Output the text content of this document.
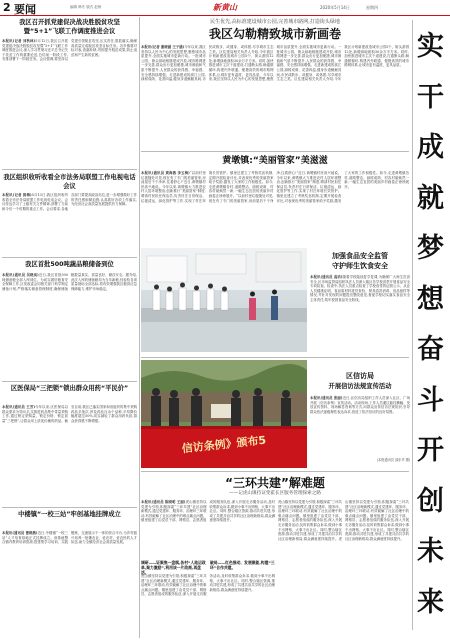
2 要闻	编辑 韩冬 版式 赵杨	新黄山	2020年5月14日	星期四
我区召开抓党建促决战决胜脱贫攻坚暨“5+1”飞联工作调度推进会议
本报讯(记者 刘秋林)5月12日,我区召开抓党建促决战决胜脱贫攻坚暨“5+1”飞联工作调度推进会议,深入学习贯彻习近平总书记关于扶贫工作的重要论述,总结前一阶段工作,安排部署下一阶段任务。会议强调,要坚持以党建引领脱贫攻坚,压实责任,狠抓落实,确保高质量完成脱贫攻坚目标任务。各乡镇要对标对表,查漏补缺,巩固提升脱贫成果,防止返贫和产生新的贫困。
我区组织收听收看全市法务局联盟工作电视电话会议
本报讯(记者 郭梅)5月13日,我区组织收听收看全市法务局联盟工作电视电话会议。会议传达学习了上级有关文件精神,部署了当前和今后一个时期的重点工作。会议要求,各地各部门要提高政治站位,进一步增强做好工作的责任感和紧迫感,认真抓好各项工作落实,为经济社会高质量发展提供有力保障。
我区首批500吨蔬品粮储备到位
本报讯(通讯员 吴晓岚)近日,我区首批500吨储备粮全部入库到位。为切实做好粮食安全保障工作,区发改委会同相关部门科学制定储备计划,严格落实储备管理制度,确保储备粮数量真实、质量良好、储存安全。据介绍,此次入库的储备粮均为当年新粮,经检验各项质量指标全部达标,将有效增强我区粮食应急保障能力,维护市场稳定。
区医保局“三把锁”锁出群众用药“平民价”
本报讯(通讯员 王芳)今年以来,区医保局以群众需求为导向,扎实推进药品集中带量采购工作,通过锁定采购量、锁定价格、锁定质量“三把锁”,让群众用上质优价廉的药品。截至目前,我区已落实国家和省组织的集中采购药品多批次,涉及药品百余个品种,平均降价幅度超过50%,切实减轻了群众用药负担,群众获得感不断增强。
中楼镇“一校三站”牢创基地挂牌成立
本报讯(通讯员 曹晓燕)近日,中楼镇“一校三站”人才培育基地正式挂牌成立。该基地整合镇内教育培训资源,搭建集学习培训、实践锻炼、交流展示于一体的综合平台,为乡村振兴培养一批懂农业、爱农村、爱农民的人才队伍,助力全镇经济社会高质量发展。
民生优先,高标准建设城市公园,完善城市路网,打造街头绿地
我区勾勒精致城市新画卷
本报讯(记者 谢晓涵 王子涵)今年以来,我区坚持以人民为中心的发展思想,聚焦城市品质提升,全面实施城市更新行动。一批城市公园、街头绿地相继建成开放,城市路网进一步完善,群众出行更加便捷,城市颜值和气质不断提升,人民群众的获得感、幸福感、安全感持续增强。走进新建成的滨江公园,绿树成荫、花香四溢,健身步道蜿蜒其间,市民或散步、或健身、或休憩,尽享城市生态之美。区住建局相关负责人介绍,今年我区计划新建改造城市公园5个、街头游园12处,新增绿地面积30余万平方米。同时,加快推进城市主次干道建设,打通断头路,畅通微循环,构建内外联通、便捷高效的城市路网体系,让城市更有温度、更具品质。今年以来,我区坚持以人民为中心的发展思想,聚焦城市品质提升,全面实施城市更新行动。一批城市公园、街头绿地相继建成开放,城市路网进一步完善,群众出行更加便捷,城市颜值和气质不断提升,人民群众的获得感、幸福感、安全感持续增强。走进新建成的滨江公园,绿树成荫、花香四溢,健身步道蜿蜒其间,市民或散步、或健身、或休憩,尽享城市生态之美。区住建局相关负责人介绍,今年我区计划新建改造城市公园5个、街头游园12处,新增绿地面积30余万平方米。同时,加快推进城市主次干道建设,打通断头路,畅通微循环,构建内外联通、便捷高效的城市路网体系,让城市更有温度、更具品质。
实
干
成
就
梦
想
奋
斗
开
创
未
来
黄墩镇:“美丽管家”美滋滋
本报讯(通讯员 黄海燕 李玉梅)“以前村里垃圾随处可见,现在有了专门的美丽管家,房前屋后干干净净,住着舒心!”近日,黄墩镇村民高兴地说。今年以来,黄墩镇大力推进农村人居环境整治,创新推行“美丽管家”制度,聘请村民担任保洁员,负责村庄日常保洁、垃圾清运、绿化管护等工作,实现了村庄环境长效管护。镇里还建立了考核奖惩机制,定期开展检查评比,对表现优秀的美丽管家给予奖励,激发了大家的工作积极性。如今,走进黄墩镇各村,道路整洁、绿树成荫、村容村貌焕然一新,一幅生态宜居的美丽乡村画卷正徐徐展开。“以前村里垃圾随处可见,现在有了专门的美丽管家,房前屋后干干净净,住着舒心!”近日,黄墩镇村民高兴地说。今年以来,黄墩镇大力推进农村人居环境整治,创新推行“美丽管家”制度,聘请村民担任保洁员,负责村庄日常保洁、垃圾清运、绿化管护等工作,实现了村庄环境长效管护。镇里还建立了考核奖惩机制,定期开展检查评比,对表现优秀的美丽管家给予奖励,激发了大家的工作积极性。如今,走进黄墩镇各村,道路整洁、绿树成荫、村容村貌焕然一新,一幅生态宜居的美丽乡村画卷正徐徐展开。
加强食品安全监管
守护师生饮食安全
本报讯(通讯员 高洁)随着学校陆续复学复课,为确保广大师生饮食安全,区市场监管局组织执法人员深入辖区各学校食堂开展食品安全专项检查。检查中,执法人员重点检查了学校食堂的证照公示、从业人员健康证明、食品原材料进货查验、餐具清洗消毒、食品留样等情况,并针对发现的问题提出整改意见,督促学校切实落实食品安全主体责任,筑牢校园食品安全防线。
信访条例》颁布5
区信访局
开展信访法规宣传活动
本报讯(通讯员 张丽)近日,区信访局组织工作人员深入社区、广场开展《信访条例》宣传活动。活动现场,工作人员通过悬挂横幅、发放宣传资料、现场解答咨询等方式,向群众宣传信访法规知识,引导群众依法逐级理性表达诉求,营造了依法信访的良好氛围。
(本报通讯员 邵东华 摄)
“三环共建”解难题
——记虎山镇持证变霍长区服务管理探索之路
本报讯(通讯员 陈晓明 王丽)虎山镇坚持以党建为引领,积极探索“三环共建”社区治理新模式,通过党建环、服务环、治理环三环联动,有效破解了社区治理中的难点痛点问题。镇里组建了由党员干部、网格员、志愿者组成的服务队伍,深入开展走访服务活动,及时收集群众诉求,做到小事不出网格、大事不出社区。同时,整合辖区资源,推动共驻共建,形成了共建共治共享的社区治理新格局,群众满意度持续提升。
虎山镇坚持以党建为引领,积极探索“三环共建”社区治理新模式,通过党建环、服务环、治理环三环联动,有效破解了社区治理中的难点痛点问题。镇里组建了由党员干部、网格员、志愿者组成的服务队伍,深入开展走访服务活动,及时收集群众诉求,做到小事不出网格、大事不出社区。同时,整合辖区资源,推动共驻共建,形成了共建共治共享的社区治理新格局,群众满意度持续提升。虎山镇坚持以党建为引领,积极探索“三环共建”社区治理新模式,通过党建环、服务环、治理环三环联动,有效破解了社区治理中的难点痛点问题。镇里组建了由党员干部、网格员、志愿者组成的服务队伍,深入开展走访服务活动,及时收集群众诉求,做到小事不出网格、大事不出社区。同时,整合辖区资源,推动共驻共建,形成了共建共治共享的社区治理新格局,群众满意度持续提升。
调研——证聚焦一盘棋,各村“人地运政单,聚力激励”,利用该一片政商,再盘活。
破局——红色推动、发展聚能,构建“三环”合作共建。
虎山镇坚持以党建为引领,积极探索“三环共建”社区治理新模式,通过党建环、服务环、治理环三环联动,有效破解了社区治理中的难点痛点问题。镇里组建了由党员干部、网格员、志愿者组成的服务队伍,深入开展走访服务活动,及时收集群众诉求,做到小事不出网格、大事不出社区。同时,整合辖区资源,推动共驻共建,形成了共建共治共享的社区治理新格局,群众满意度持续提升。
